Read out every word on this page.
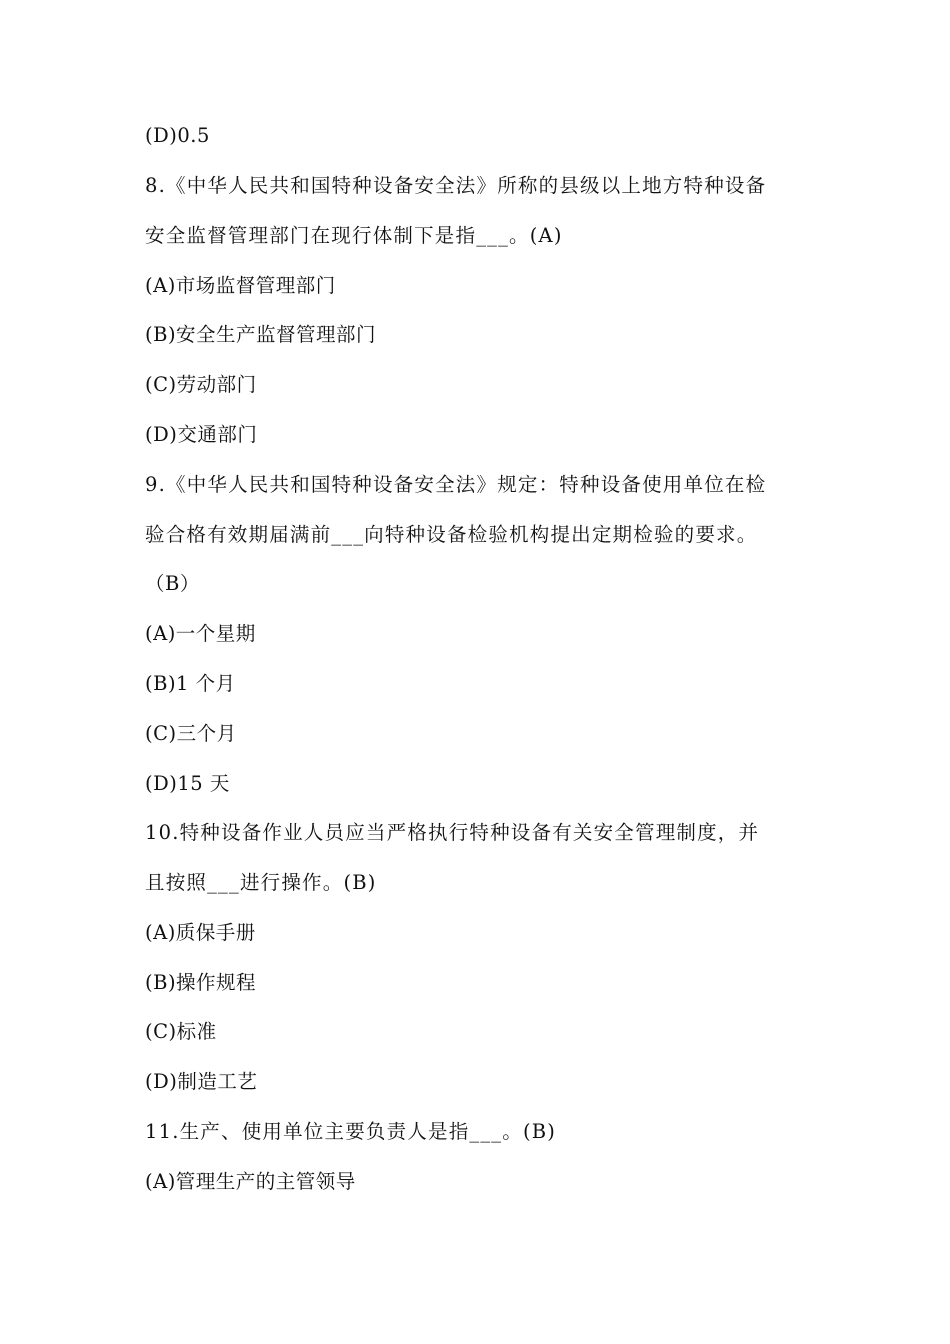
(D)0.5
8.《中华人民共和国特种设备安全法》所称的县级以上地方特种设备
安全监督管理部门在现行体制下是指___。(A)
(A)市场监督管理部门
(B)安全生产监督管理部门
(C)劳动部门
(D)交通部门
9.《中华人民共和国特种设备安全法》规定：特种设备使用单位在检
验合格有效期届满前___向特种设备检验机构提出定期检验的要求。
（B）
(A)一个星期
(B)1 个月
(C)三个月
(D)15 天
10.特种设备作业人员应当严格执行特种设备有关安全管理制度，并
且按照___进行操作。(B)
(A)质保手册
(B)操作规程
(C)标准
(D)制造工艺
11.生产、使用单位主要负责人是指___。(B)
(A)管理生产的主管领导
